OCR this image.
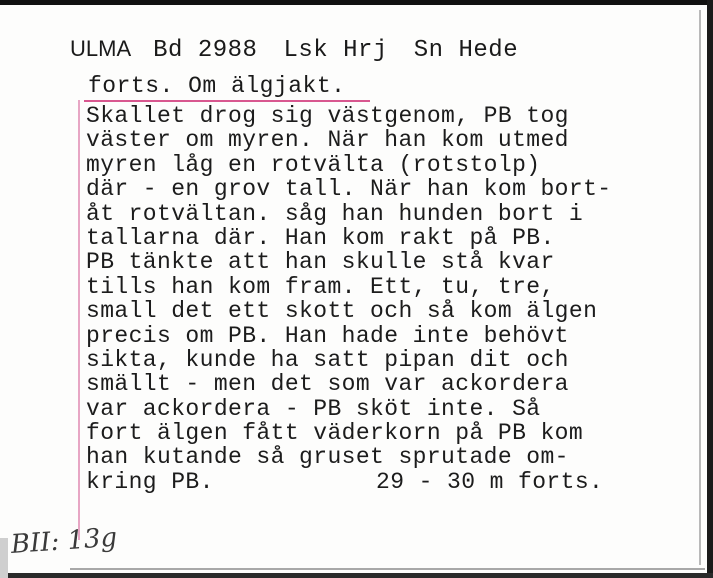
ULMA Bd 2988 Lsk Hrj Sn Hede
forts. Om älgjakt.
Skallet drog sig västgenom, PB tog
väster om myren. När han kom utmed
myren låg en rotvälta (rotstolp)
där - en grov tall. När han kom bort-
åt rotvältan. såg han hunden bort i
tallarna där. Han kom rakt på PB.
PB tänkte att han skulle stå kvar
tills han kom fram. Ett, tu, tre,
small det ett skott och så kom älgen
precis om PB. Han hade inte behövt
sikta, kunde ha satt pipan dit och
smällt - men det som var ackordera
var ackordera - PB sköt inte. Så
fort älgen fått väderkorn på PB kom
han kutande så gruset sprutade om-
kring PB.	29 - 30 m forts.
BII: 13g
